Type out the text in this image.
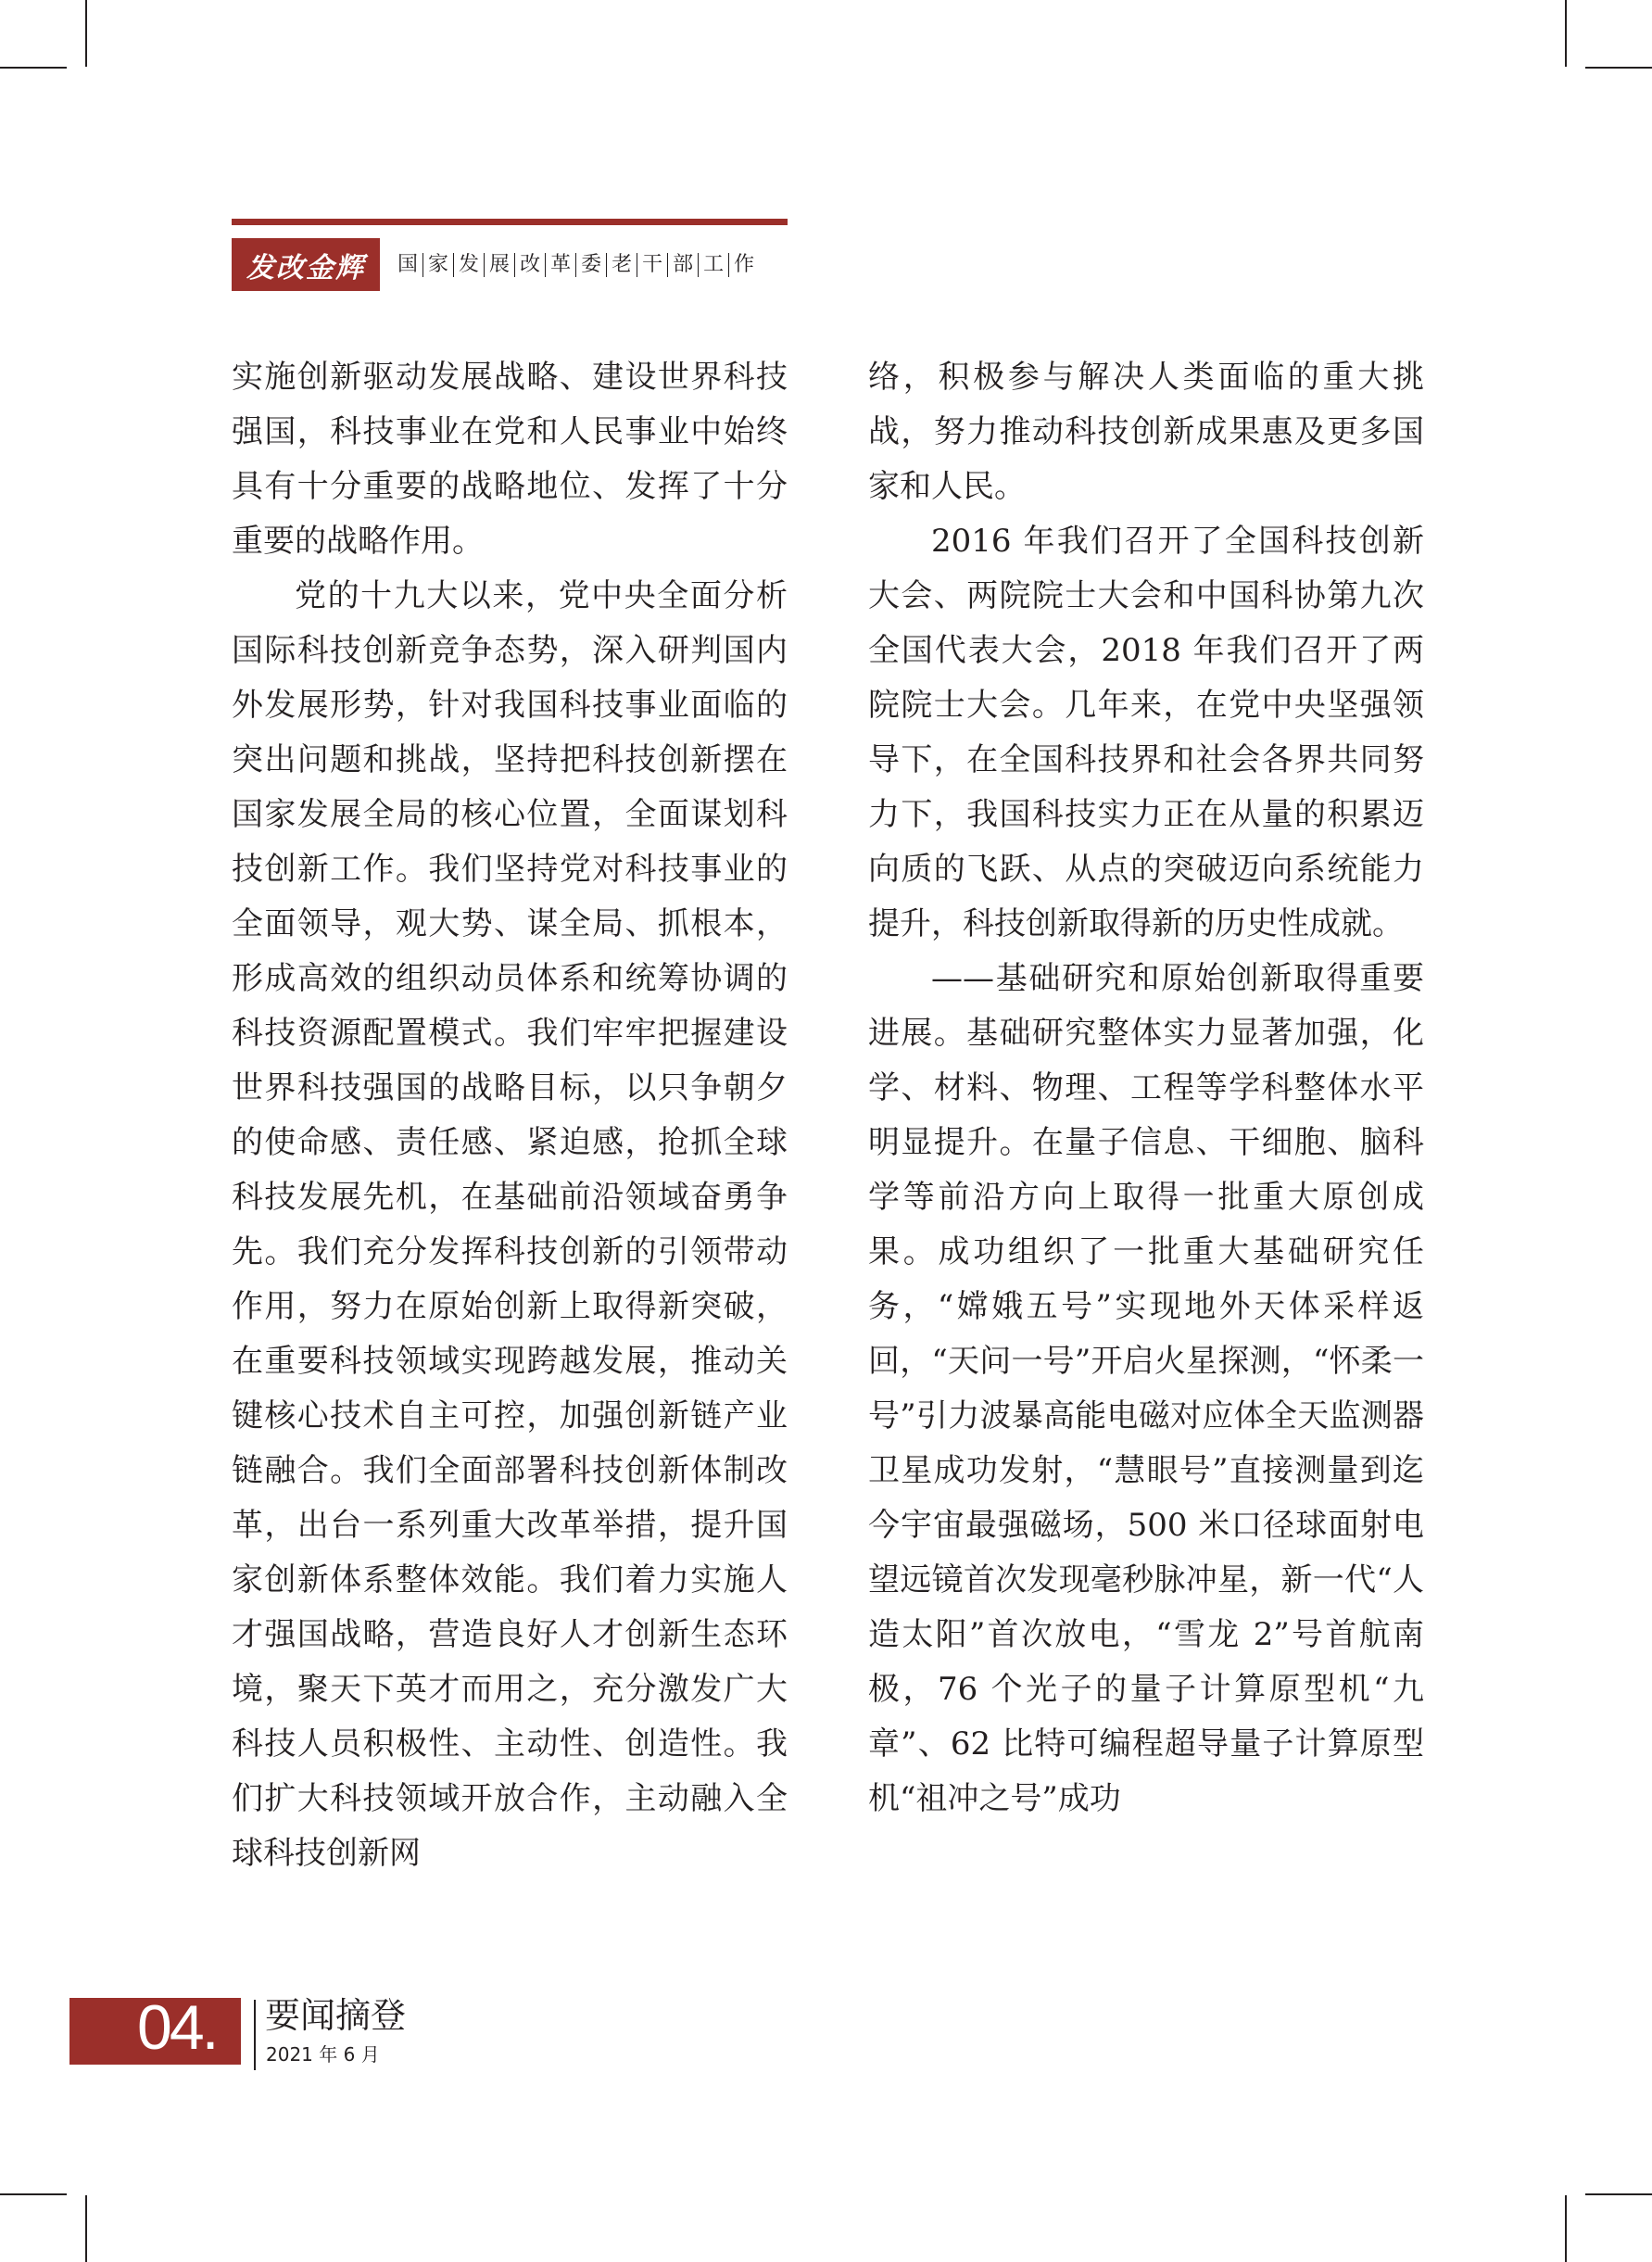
发改金辉 国 家 发 展 改 革 委 老 干 部 工 作

实施创新驱动发展战略、建设世界科技强国，科技事业在党和人民事业中始终具有十分重要的战略地位、发挥了十分重要的战略作用。

党的十九大以来，党中央全面分析国际科技创新竞争态势，深入研判国内外发展形势，针对我国科技事业面临的突出问题和挑战，坚持把科技创新摆在国家发展全局的核心位置，全面谋划科技创新工作。我们坚持党对科技事业的全面领导，观大势、谋全局、抓根本，形成高效的组织动员体系和统筹协调的科技资源配置模式。我们牢牢把握建设世界科技强国的战略目标，以只争朝夕的使命感、责任感、紧迫感，抢抓全球科技发展先机，在基础前沿领域奋勇争先。我们充分发挥科技创新的引领带动作用，努力在原始创新上取得新突破，在重要科技领域实现跨越发展，推动关键核心技术自主可控，加强创新链产业链融合。我们全面部署科技创新体制改革，出台一系列重大改革举措，提升国家创新体系整体效能。我们着力实施人才强国战略，营造良好人才创新生态环境，聚天下英才而用之，充分激发广大科技人员积极性、主动性、创造性。我们扩大科技领域开放合作，主动融入全球科技创新网

络，积极参与解决人类面临的重大挑战，努力推动科技创新成果惠及更多国家和人民。

2016 年我们召开了全国科技创新大会、两院院士大会和中国科协第九次全国代表大会，2018 年我们召开了两院院士大会。几年来，在党中央坚强领导下，在全国科技界和社会各界共同努力下，我国科技实力正在从量的积累迈向质的飞跃、从点的突破迈向系统能力提升，科技创新取得新的历史性成就。

——基础研究和原始创新取得重要进展。基础研究整体实力显著加强，化学、材料、物理、工程等学科整体水平明显提升。在量子信息、干细胞、脑科学等前沿方向上取得一批重大原创成果。成功组织了一批重大基础研究任务，“嫦娥五号”实现地外天体采样返回，“天问一号”开启火星探测，“怀柔一号”引力波暴高能电磁对应体全天监测器卫星成功发射，“慧眼号”直接测量到迄今宇宙最强磁场，500 米口径球面射电望远镜首次发现毫秒脉冲星，新一代“人造太阳”首次放电，“雪龙 2”号首航南极，76 个光子的量子计算原型机“九章”、62 比特可编程超导量子计算原型机“祖冲之号”成功

04.	要闻摘登
2021 年 6 月
